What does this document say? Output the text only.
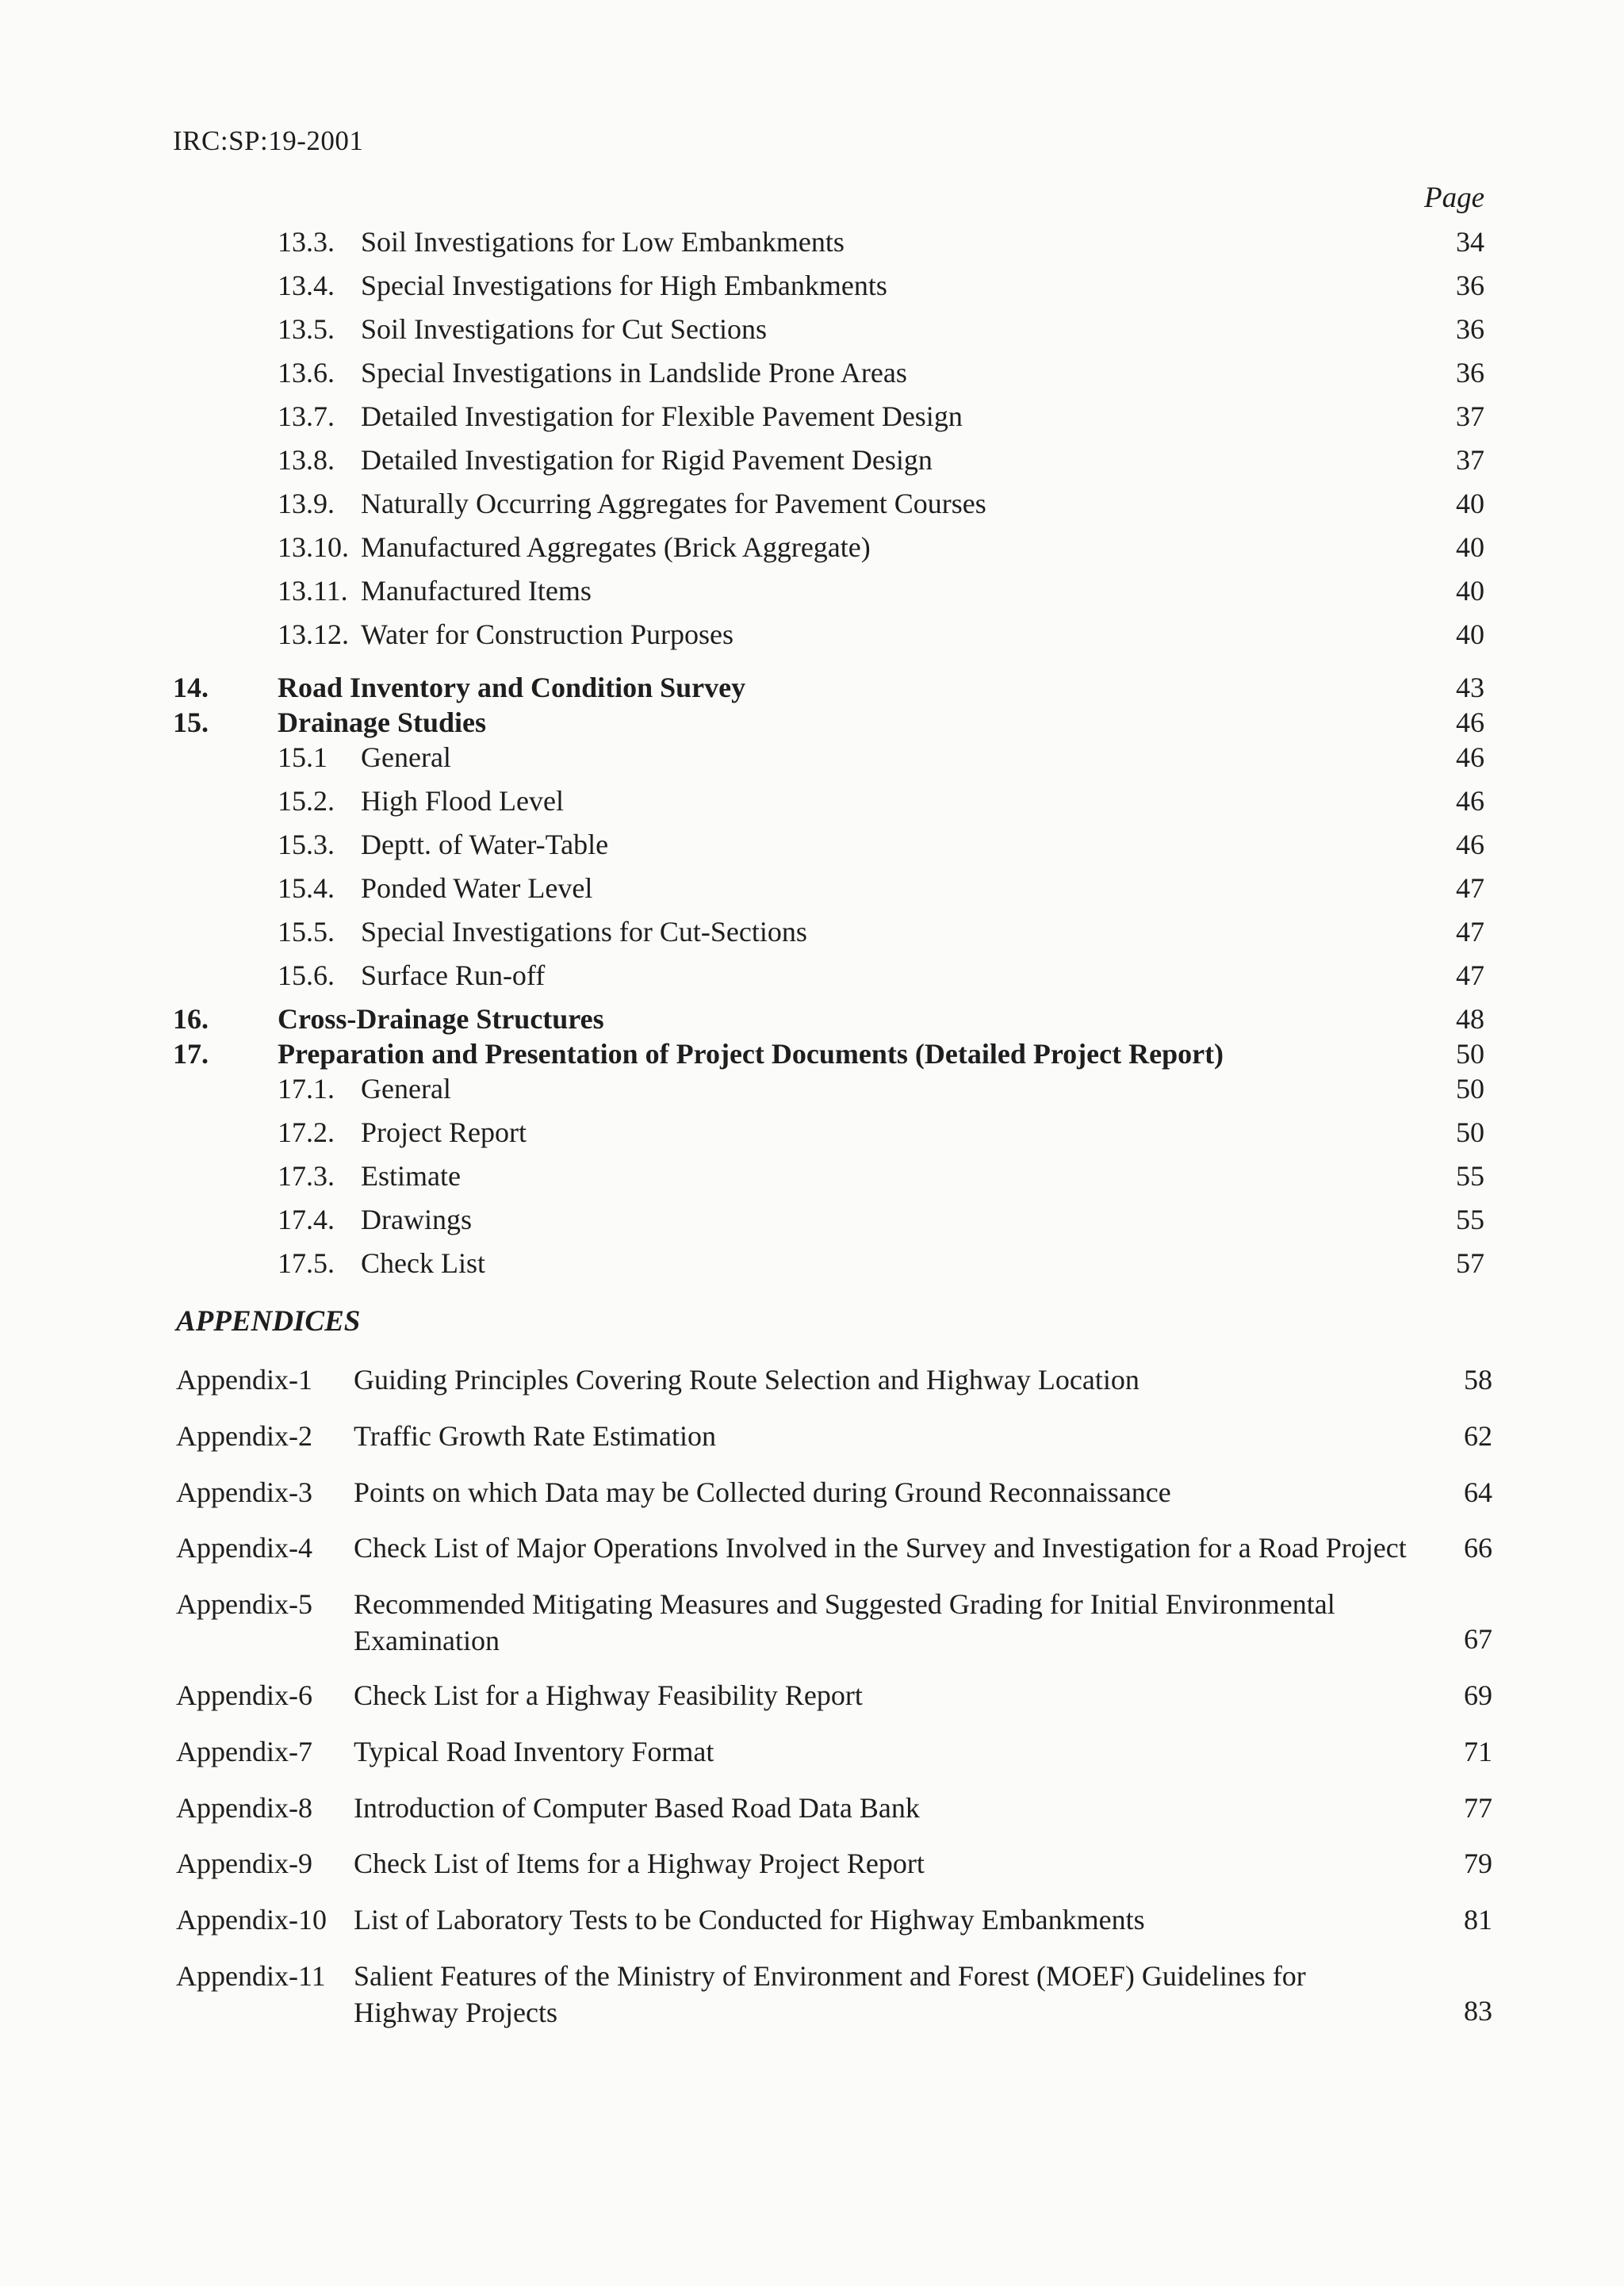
IRC:SP:19-2001
Page
13.3. Soil Investigations for Low Embankments	34
13.4. Special Investigations for High Embankments	36
13.5. Soil Investigations for Cut Sections	36
13.6. Special Investigations in Landslide Prone Areas	36
13.7. Detailed Investigation for Flexible Pavement Design	37
13.8. Detailed Investigation for Rigid Pavement Design	37
13.9. Naturally Occurring Aggregates for Pavement Courses	40
13.10. Manufactured Aggregates (Brick Aggregate)	40
13.11. Manufactured Items	40
13.12. Water for Construction Purposes	40
14. Road Inventory and Condition Survey	43
15. Drainage Studies	46
15.1 General	46
15.2. High Flood Level	46
15.3. Deptt. of Water-Table	46
15.4. Ponded Water Level	47
15.5. Special Investigations for Cut-Sections	47
15.6. Surface Run-off	47
16. Cross-Drainage Structures	48
17. Preparation and Presentation of Project Documents (Detailed Project Report)	50
17.1. General	50
17.2. Project Report	50
17.3. Estimate	55
17.4. Drawings	55
17.5. Check List	57
APPENDICES
Appendix-1 Guiding Principles Covering Route Selection and Highway Location	58
Appendix-2 Traffic Growth Rate Estimation	62
Appendix-3 Points on which Data may be Collected during Ground Reconnaissance	64
Appendix-4 Check List of Major Operations Involved in the Survey and Investigation for a Road Project	66
Appendix-5 Recommended Mitigating Measures and Suggested Grading for Initial Environmental Examination	67
Appendix-6 Check List for a Highway Feasibility Report	69
Appendix-7 Typical Road Inventory Format	71
Appendix-8 Introduction of Computer Based Road Data Bank	77
Appendix-9 Check List of Items for a Highway Project Report	79
Appendix-10 List of Laboratory Tests to be Conducted for Highway Embankments	81
Appendix-11 Salient Features of the Ministry of Environment and Forest (MOEF) Guidelines for Highway Projects	83
